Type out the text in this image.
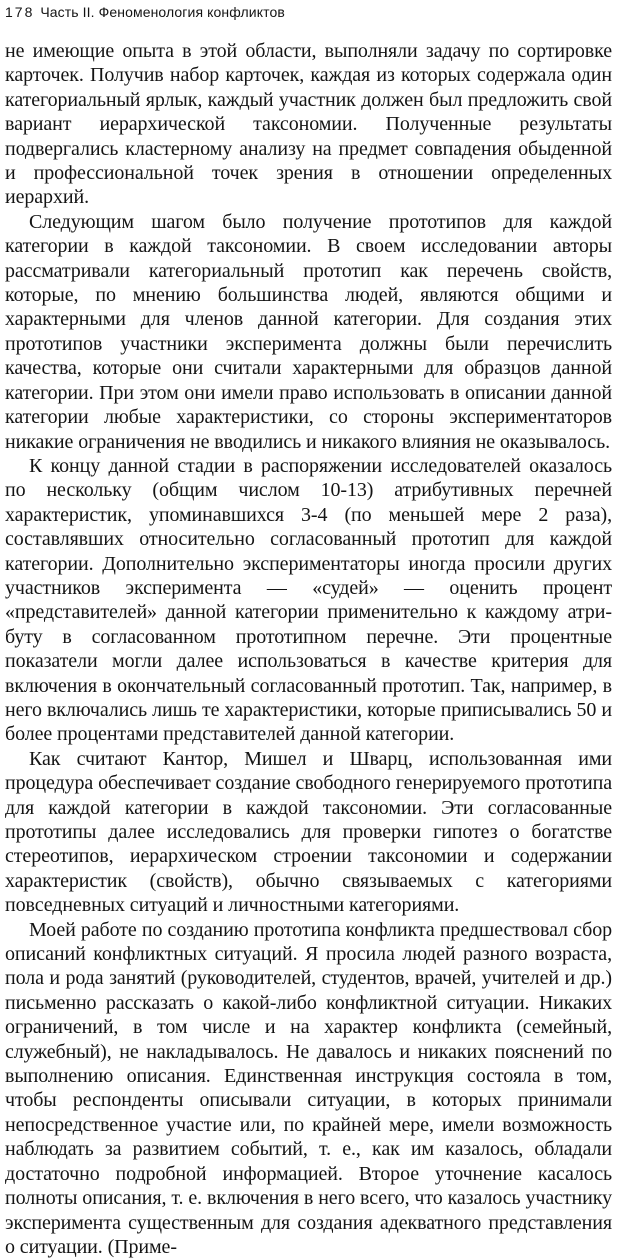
178 Часть II. Феноменология конфликтов

не имеющие опыта в этой области, выполняли задачу по сортировке карточек. Получив набор карточек, каждая из которых содержала один категориальный ярлык, каждый участник должен был предложить свой вариант иерархической таксономии. Полученные результаты подвергались кластерному анализу на предмет совпадения обыденной и профессиональной точек зрения в отношении определенных иерархий.

Следующим шагом было получение прототипов для каждой категории в каждой таксономии. В своем исследовании авторы рассматривали категориальный прототип как перечень свойств, которые, по мнению большинства людей, являются общими и характерными для членов данной категории. Для создания этих прототипов участники эксперимента должны были перечислить качества, которые они считали характерными для образцов данной категории. При этом они имели право использовать в описании данной категории любые характеристики, со стороны экспериментаторов никакие ограничения не вводились и никакого влияния не оказывалось.

К концу данной стадии в распоряжении исследователей оказалось по нескольку (общим числом 10-13) атрибутивных перечней характеристик, упоминавшихся 3-4 (по меньшей мере 2 раза), составлявших относительно согласованный прототип для каждой категории. Дополнительно экспериментаторы иногда просили других участников эксперимента — «судей» — оценить процент «представителей» данной категории применительно к каждому атрибуту в согласованном прототипном перечне. Эти процентные показатели могли далее использоваться в качестве критерия для включения в окончательный согласованный прототип. Так, например, в него включались лишь те характеристики, которые приписывались 50 и более процентами представителей данной категории.

Как считают Кантор, Мишел и Шварц, использованная ими процедура обеспечивает создание свободного генерируемого прототипа для каждой категории в каждой таксономии. Эти согласованные прототипы далее исследовались для проверки гипотез о богатстве стереотипов, иерархическом строении таксономии и содержании характеристик (свойств), обычно связываемых с категориями повседневных ситуаций и личностными категориями.

Моей работе по созданию прототипа конфликта предшествовал сбор описаний конфликтных ситуаций. Я просила людей разного возраста, пола и рода занятий (руководителей, студентов, врачей, учителей и др.) письменно рассказать о какой-либо конфликтной ситуации. Никаких ограничений, в том числе и на характер конфликта (семейный, служебный), не накладывалось. Не давалось и никаких пояснений по выполнению описания. Единственная инструкция состояла в том, чтобы респонденты описывали ситуации, в которых принимали непосредственное участие или, по крайней мере, имели возможность наблюдать за развитием событий, т. е., как им казалось, обладали достаточно подробной информацией. Второе уточнение касалось полноты описания, т. е. включения в него всего, что казалось участнику эксперимента существенным для создания адекватного представления о ситуации. (Приме-
